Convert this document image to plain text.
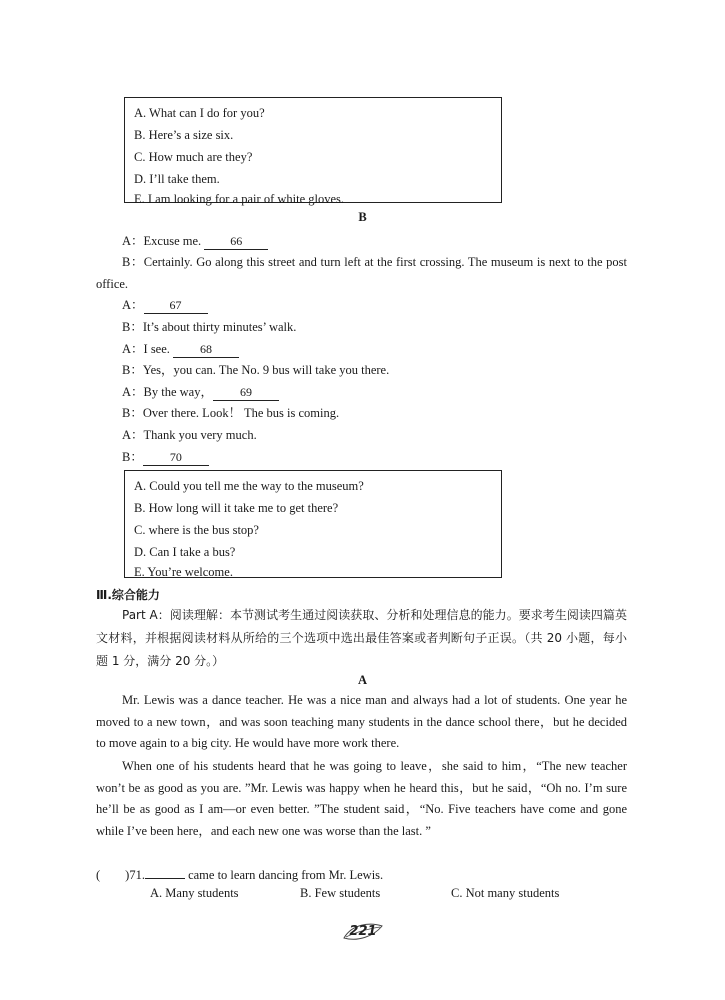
A. What can I do for you?
B. Here’s a size six.
C. How much are they?
D. I’ll take them.
E. I am looking for a pair of white gloves.
B
A：Excuse me. 66
B：Certainly. Go along this street and turn left at the first crossing. The museum is next to the post office.
A： 67
B：It’s about thirty minutes’ walk.
A：I see. 68
B：Yes，you can. The No. 9 bus will take you there.
A：By the way， 69
B：Over there. Look！ The bus is coming.
A：Thank you very much.
B： 70
A. Could you tell me the way to the museum?
B. How long will it take me to get there?
C. where is the bus stop?
D. Can I take a bus?
E. You’re welcome.
Ⅲ.综合能力
Part A：阅读理解：本节测试考生通过阅读获取、分析和处理信息的能力。要求考生阅读四篇英文材料，并根据阅读材料从所给的三个选项中选出最佳答案或者判断句子正误。（共 20 小题，每小题 1 分，满分 20 分。）
A
Mr. Lewis was a dance teacher. He was a nice man and always had a lot of students. One year he moved to a new town，and was soon teaching many students in the dance school there，but he decided to move again to a big city. He would have more work there.
When one of his students heard that he was going to leave，she said to him，“The new teacher won’t be as good as you are. ”Mr. Lewis was happy when he heard this，but he said，“Oh no. I’m sure he’ll be as good as I am—or even better. ”The student said，“No. Five teachers have come and gone while I’ve been here，and each new one was worse than the last. ”
(　　)71.	came to learn dancing from Mr. Lewis.
A. Many students	B. Few students	C. Not many students
221
